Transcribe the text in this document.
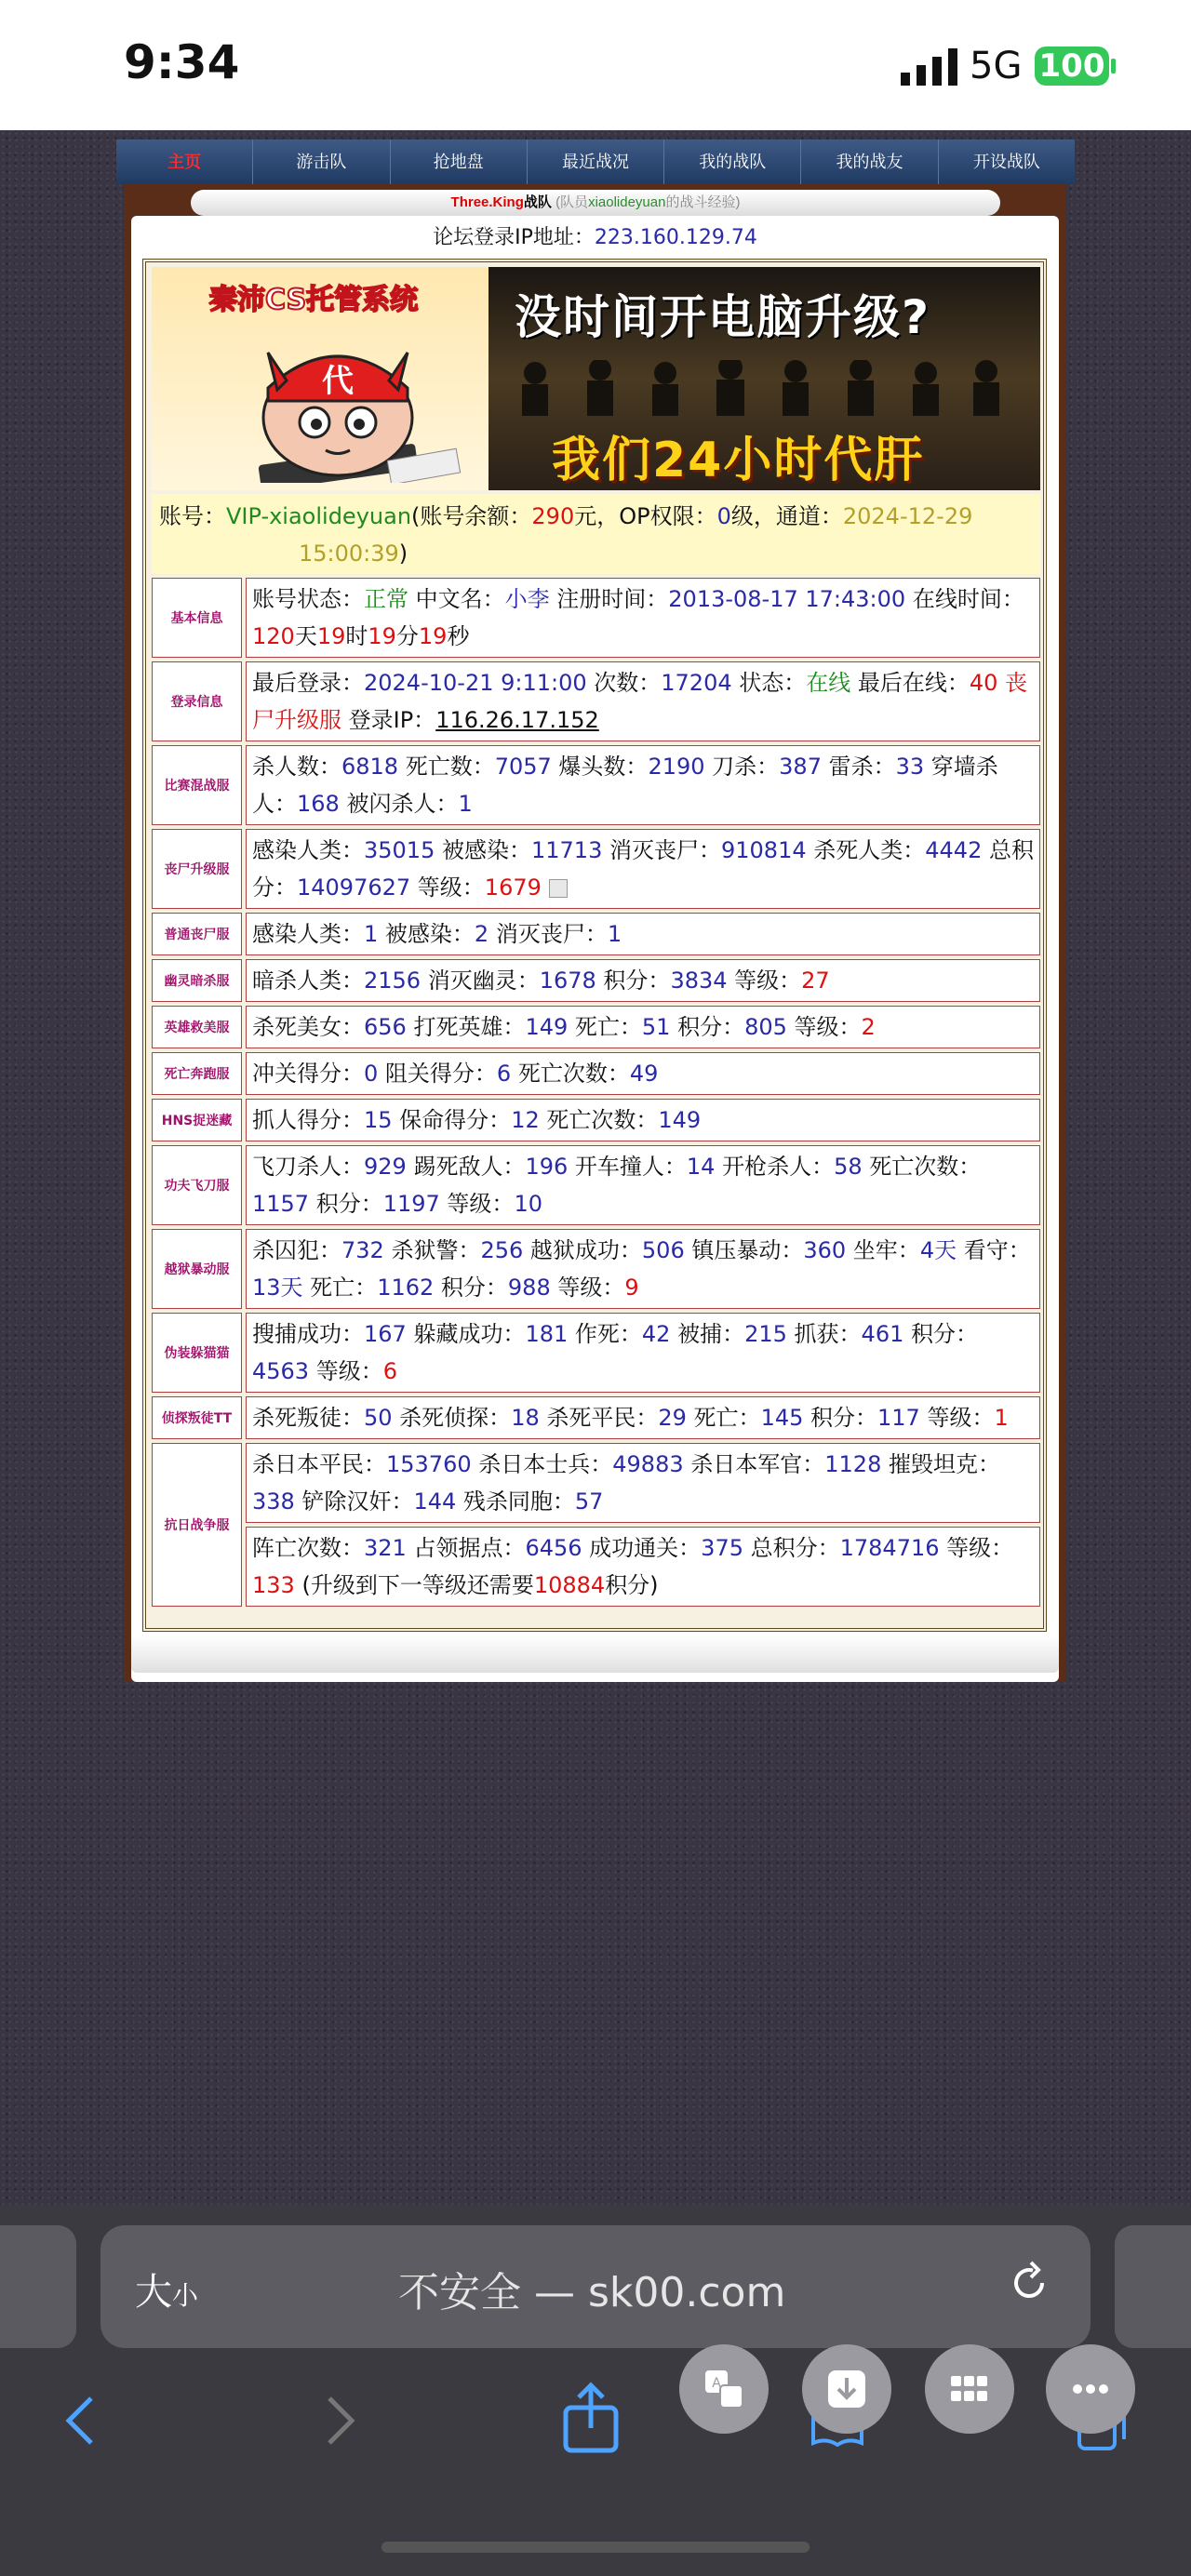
9:34	5G 100
主页	游击队	抢地盘	最近战况	我的战队	我的战友	开设战队
Three.King战队 (队员xiaolideyuan的战斗经验)
论坛登录IP地址：223.160.129.74
秦沛CS托管系统
代
没时间开电脑升级?
我们24小时代肝
账号：VIP-xiaolideyuan(账号余额：290元，OP权限：0级，通道：2024-12-29 15:00:39)
基本信息
账号状态：正常 中文名：小李 注册时间：2013-08-17 17:43:00 在线时间：120天19时19分19秒
登录信息
最后登录：2024-10-21 9:11:00 次数：17204 状态：在线 最后在线：40 丧尸升级服 登录IP：116.26.17.152
比赛混战服
杀人数：6818 死亡数：7057 爆头数：2190 刀杀：387 雷杀：33 穿墙杀人：168 被闪杀人：1
丧尸升级服
感染人类：35015 被感染：11713 消灭丧尸：910814 杀死人类：4442 总积分：14097627 等级：1679
普通丧尸服	感染人类：1 被感染：2 消灭丧尸：1
幽灵暗杀服	暗杀人类：2156 消灭幽灵：1678 积分：3834 等级：27
英雄救美服	杀死美女：656 打死英雄：149 死亡：51 积分：805 等级：2
死亡奔跑服	冲关得分：0 阻关得分：6 死亡次数：49
HNS捉迷藏 抓人得分：15 保命得分：12 死亡次数：149
功夫飞刀服
飞刀杀人：929 踢死敌人：196 开车撞人：14 开枪杀人：58 死亡次数：1157 积分：1197 等级：10
越狱暴动服
杀囚犯：732 杀狱警：256 越狱成功：506 镇压暴动：360 坐牢：4天 看守：13天 死亡：1162 积分：988 等级：9
伪装躲猫猫
搜捕成功：167 躲藏成功：181 作死：42 被捕：215 抓获：461 积分：4563 等级：6
侦探叛徒TT 杀死叛徒：50 杀死侦探：18 杀死平民：29 死亡：145 积分：117 等级：1
抗日战争服
杀日本平民：153760 杀日本士兵：49883 杀日本军官：1128 摧毁坦克：338 铲除汉奸：144 残杀同胞：57
阵亡次数：321 占领据点：6456 成功通关：375 总积分：1784716 等级：133 (升级到下一等级还需要10884积分)
大小	不安全 — sk00.com
A
